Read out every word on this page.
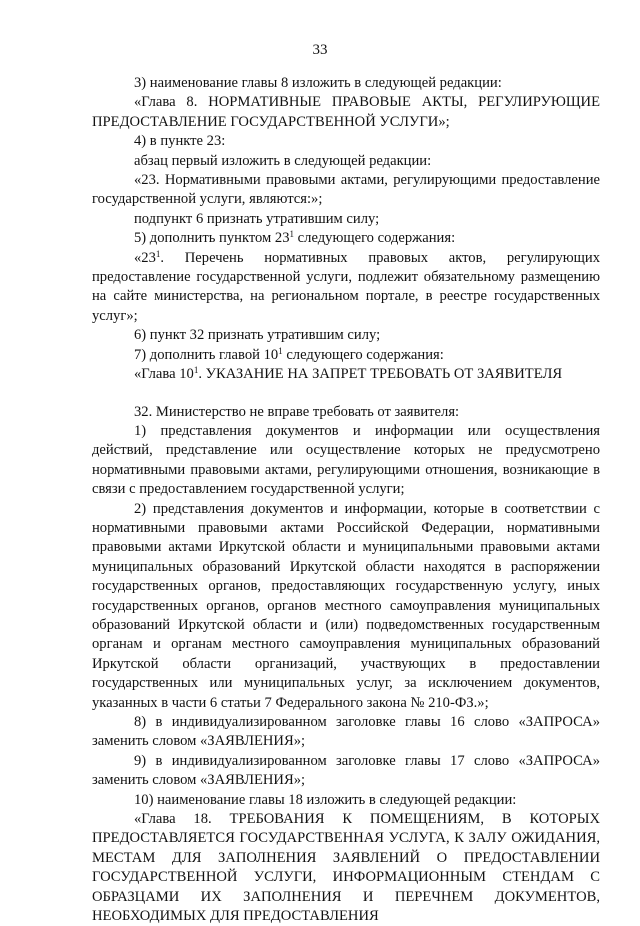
33

3) наименование главы 8 изложить в следующей редакции:

«Глава 8. НОРМАТИВНЫЕ ПРАВОВЫЕ АКТЫ, РЕГУЛИРУЮЩИЕ ПРЕДОСТАВЛЕНИЕ ГОСУДАРСТВЕННОЙ УСЛУГИ»;

4) в пункте 23:

абзац первый изложить в следующей редакции:

«23. Нормативными правовыми актами, регулирующими предоставление государственной услуги, являются:»;

подпункт 6 признать утратившим силу;

5) дополнить пунктом $23^1$ следующего содержания:

«$23^1$. Перечень нормативных правовых актов, регулирующих предоставление государственной услуги, подлежит обязательному размещению на сайте министерства, на региональном портале, в реестре государственных услуг»;

6) пункт 32 признать утратившим силу;

7) дополнить главой $10^1$ следующего содержания:

«Глава $10^1$. УКАЗАНИЕ НА ЗАПРЕТ ТРЕБОВАТЬ ОТ ЗАЯВИТЕЛЯ

32. Министерство не вправе требовать от заявителя:

1) представления документов и информации или осуществления действий, представление или осуществление которых не предусмотрено нормативными правовыми актами, регулирующими отношения, возникающие в связи с предоставлением государственной услуги;

2) представления документов и информации, которые в соответствии с нормативными правовыми актами Российской Федерации, нормативными правовыми актами Иркутской области и муниципальными правовыми актами муниципальных образований Иркутской области находятся в распоряжении государственных органов, предоставляющих государственную услугу, иных государственных органов, органов местного самоуправления муниципальных образований Иркутской области и (или) подведомственных государственным органам и органам местного самоуправления муниципальных образований Иркутской области организаций, участвующих в предоставлении государственных или муниципальных услуг, за исключением документов, указанных в части 6 статьи 7 Федерального закона № 210-ФЗ.»;

8) в индивидуализированном заголовке главы 16 слово «ЗАПРОСА» заменить словом «ЗАЯВЛЕНИЯ»;

9) в индивидуализированном заголовке главы 17 слово «ЗАПРОСА» заменить словом «ЗАЯВЛЕНИЯ»;

10) наименование главы 18 изложить в следующей редакции:

«Глава 18. ТРЕБОВАНИЯ К ПОМЕЩЕНИЯМ, В КОТОРЫХ ПРЕДОСТАВЛЯЕТСЯ ГОСУДАРСТВЕННАЯ УСЛУГА, К ЗАЛУ ОЖИДАНИЯ, МЕСТАМ ДЛЯ ЗАПОЛНЕНИЯ ЗАЯВЛЕНИЙ О ПРЕДОСТАВЛЕНИИ ГОСУДАРСТВЕННОЙ УСЛУГИ, ИНФОРМАЦИОННЫМ СТЕНДАМ С ОБРАЗЦАМИ ИХ ЗАПОЛНЕНИЯ И ПЕРЕЧНЕМ ДОКУМЕНТОВ, НЕОБХОДИМЫХ ДЛЯ ПРЕДОСТАВЛЕНИЯ
